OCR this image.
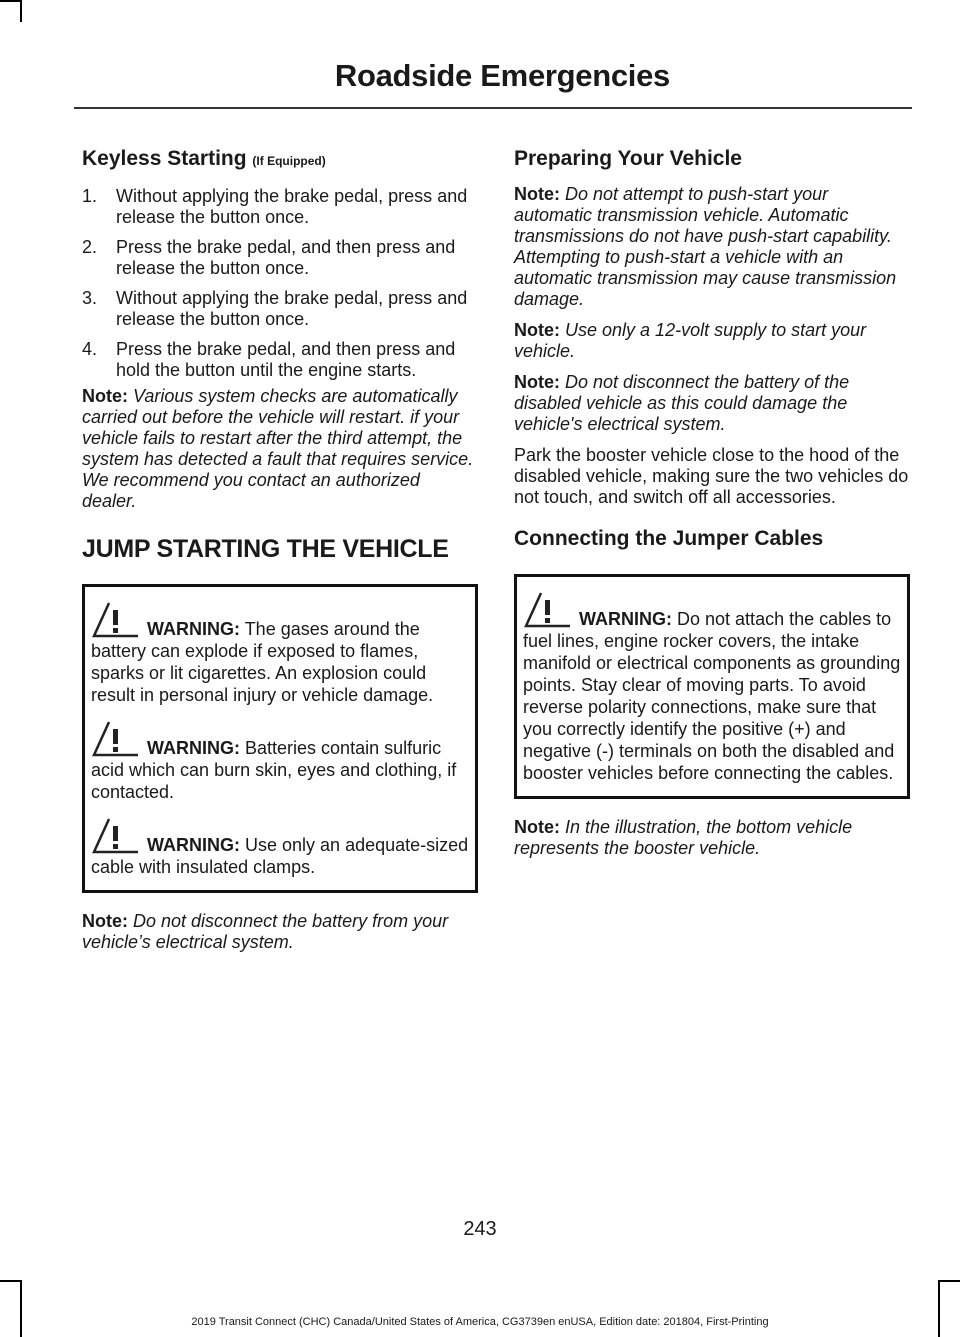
Roadside Emergencies
Keyless Starting (If Equipped)
1. Without applying the brake pedal, press and release the button once.
2. Press the brake pedal, and then press and release the button once.
3. Without applying the brake pedal, press and release the button once.
4. Press the brake pedal, and then press and hold the button until the engine starts.

Note: Various system checks are automatically carried out before the vehicle will restart. if your vehicle fails to restart after the third attempt, the system has detected a fault that requires service. We recommend you contact an authorized dealer.

JUMP STARTING THE VEHICLE
WARNING: The gases around the battery can explode if exposed to flames, sparks or lit cigarettes. An explosion could result in personal injury or vehicle damage.
WARNING: Batteries contain sulfuric acid which can burn skin, eyes and clothing, if contacted.
WARNING: Use only an adequate-sized cable with insulated clamps.

Note: Do not disconnect the battery from your vehicle’s electrical system.

Preparing Your Vehicle

Note: Do not attempt to push-start your automatic transmission vehicle. Automatic transmissions do not have push-start capability. Attempting to push-start a vehicle with an automatic transmission may cause transmission damage.

Note: Use only a 12-volt supply to start your vehicle.

Note: Do not disconnect the battery of the disabled vehicle as this could damage the vehicle's electrical system.

Park the booster vehicle close to the hood of the disabled vehicle, making sure the two vehicles do not touch, and switch off all accessories.

Connecting the Jumper Cables
WARNING: Do not attach the cables to fuel lines, engine rocker covers, the intake manifold or electrical components as grounding points. Stay clear of moving parts. To avoid reverse polarity connections, make sure that you correctly identify the positive (+) and negative (-) terminals on both the disabled and booster vehicles before connecting the cables.

Note: In the illustration, the bottom vehicle represents the booster vehicle.

243
2019 Transit Connect (CHC) Canada/United States of America, CG3739en enUSA, Edition date: 201804, First-Printing
